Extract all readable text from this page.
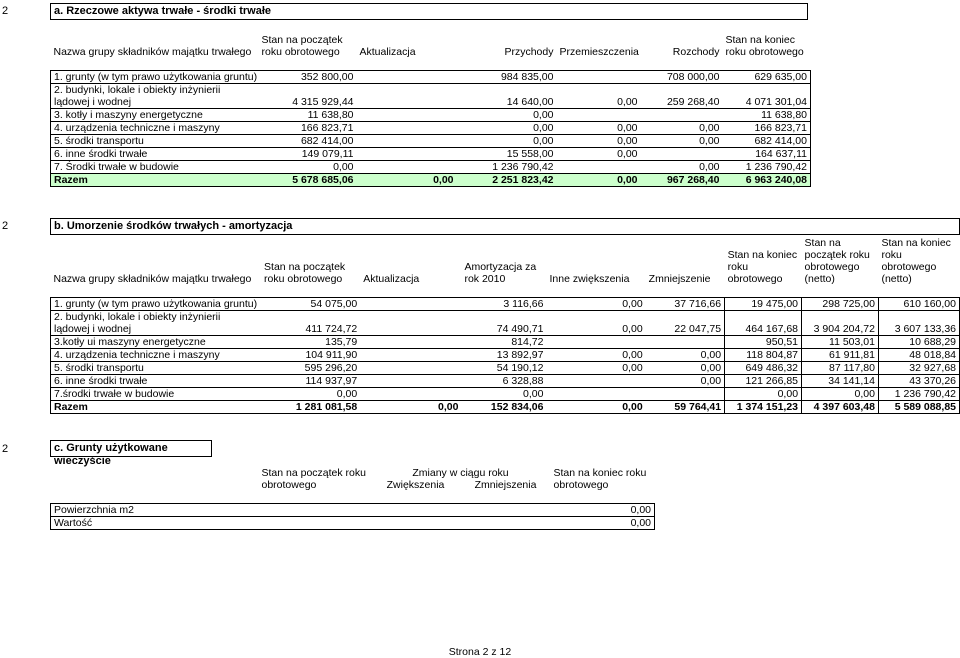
2	a. Rzeczowe aktywa trwałe - środki trwałe
Nazwa grupy składników majątku trwałego	Stan na początek roku obrotowego	Aktualizacja	Przychody	Przemieszczenia	Rozchody	Stan na koniec roku obrotowego

1. grunty (w tym prawo użytkowania gruntu)	352 800,00		984 835,00		708 000,00	629 635,00
2. budynki, lokale i obiekty inżynierii lądowej i wodnej	4 315 929,44		14 640,00	0,00	259 268,40	4 071 301,04
3. kotły i maszyny energetyczne	11 638,80		0,00			11 638,80
4. urządzenia techniczne i maszyny	166 823,71		0,00	0,00	0,00	166 823,71
5. środki transportu	682 414,00		0,00	0,00	0,00	682 414,00
6. inne środki trwałe	149 079,11		15 558,00	0,00		164 637,11
7. Środki trwałe w budowie	0,00		1 236 790,42		0,00	1 236 790,42
Razem	5 678 685,06	0,00	2 251 823,42	0,00	967 268,40	6 963 240,08
2	b. Umorzenie środków trwałych - amortyzacja
Nazwa grupy składników majątku trwałego	Stan na początek roku obrotowego	Aktualizacja	Amortyzacja za rok 2010	Inne zwiększenia	Zmniejszenie	Stan na koniec roku obrotowego	Stan na początek roku obrotowego (netto)	Stan na koniec roku obrotowego (netto)

1. grunty (w tym prawo użytkowania gruntu)	54 075,00		3 116,66	0,00	37 716,66	19 475,00	298 725,00	610 160,00
2. budynki, lokale i obiekty inżynierii lądowej i wodnej	411 724,72		74 490,71	0,00	22 047,75	464 167,68	3 904 204,72	3 607 133,36
3.kotły ui maszyny energetyczne	135,79		814,72			950,51	11 503,01	10 688,29
4. urządzenia techniczne i maszyny	104 911,90		13 892,97	0,00	0,00	118 804,87	61 911,81	48 018,84
5. środki transportu	595 296,20		54 190,12	0,00	0,00	649 486,32	87 117,80	32 927,68
6. inne środki trwałe	114 937,97		6 328,88		0,00	121 266,85	34 141,14	43 370,26
7.środki trwałe w budowie	0,00		0,00			0,00	0,00	1 236 790,42
Razem	1 281 081,58	0,00	152 834,06	0,00	59 764,41	1 374 151,23	4 397 603,48	5 589 088,85
2	c. Grunty użytkowane wieczyście
	Stan na początek roku obrotowego	Zmiany w ciągu roku		Stan na koniec roku obrotowego
		Zwiększenia	Zmniejszenia	

Powierzchnia m2				0,00
Wartość				0,00
Strona 2 z 12
